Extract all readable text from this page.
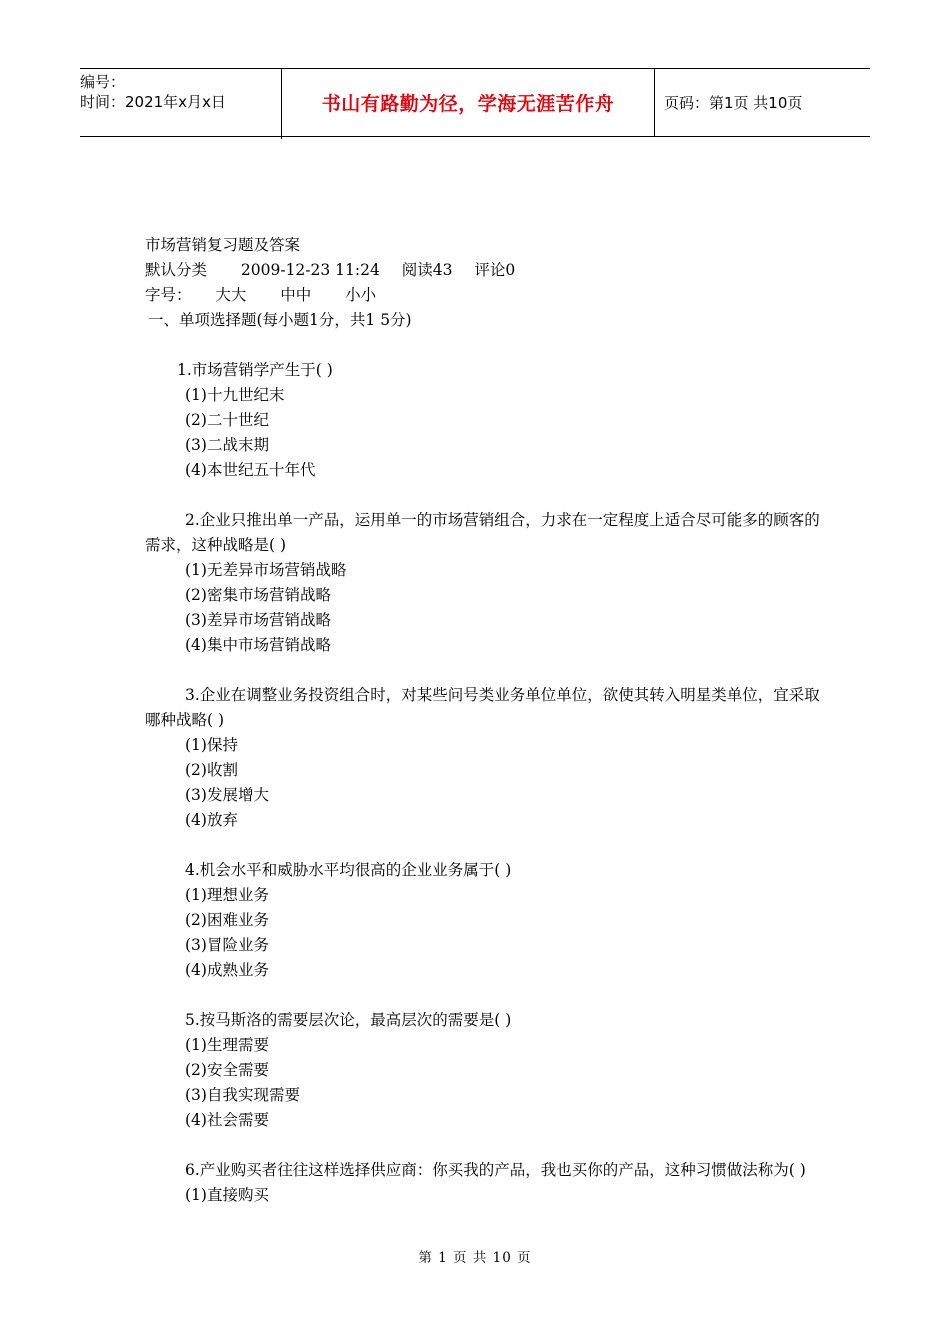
编号：
时间：2021年x月x日	书山有路勤为径，学海无涯苦作舟	页码：第1页 共10页
市场营销复习题及答案
默认分类 2009-12-23 11:24 阅读43 评论0
字号： 大大 中中 小小
一、单项选择题(每小题1分，共1 5分)
1.市场营销学产生于( )
(1)十九世纪末
(2)二十世纪
(3)二战末期
(4)本世纪五十年代
2.企业只推出单一产品，运用单一的市场营销组合，力求在一定程度上适合尽可能多的顾客的需求，这种战略是( )
(1)无差异市场营销战略
(2)密集市场营销战略
(3)差异市场营销战略
(4)集中市场营销战略
3.企业在调整业务投资组合时，对某些问号类业务单位单位，欲使其转入明星类单位，宜采取哪种战略( )
(1)保持
(2)收割
(3)发展增大
(4)放弃
4.机会水平和威胁水平均很高的企业业务属于( )
(1)理想业务
(2)困难业务
(3)冒险业务
(4)成熟业务
5.按马斯洛的需要层次论，最高层次的需要是( )
(1)生理需要
(2)安全需要
(3)自我实现需要
(4)社会需要
6.产业购买者往往这样选择供应商：你买我的产品，我也买你的产品，这种习惯做法称为( )
(1)直接购买
第 1 页 共 10 页
